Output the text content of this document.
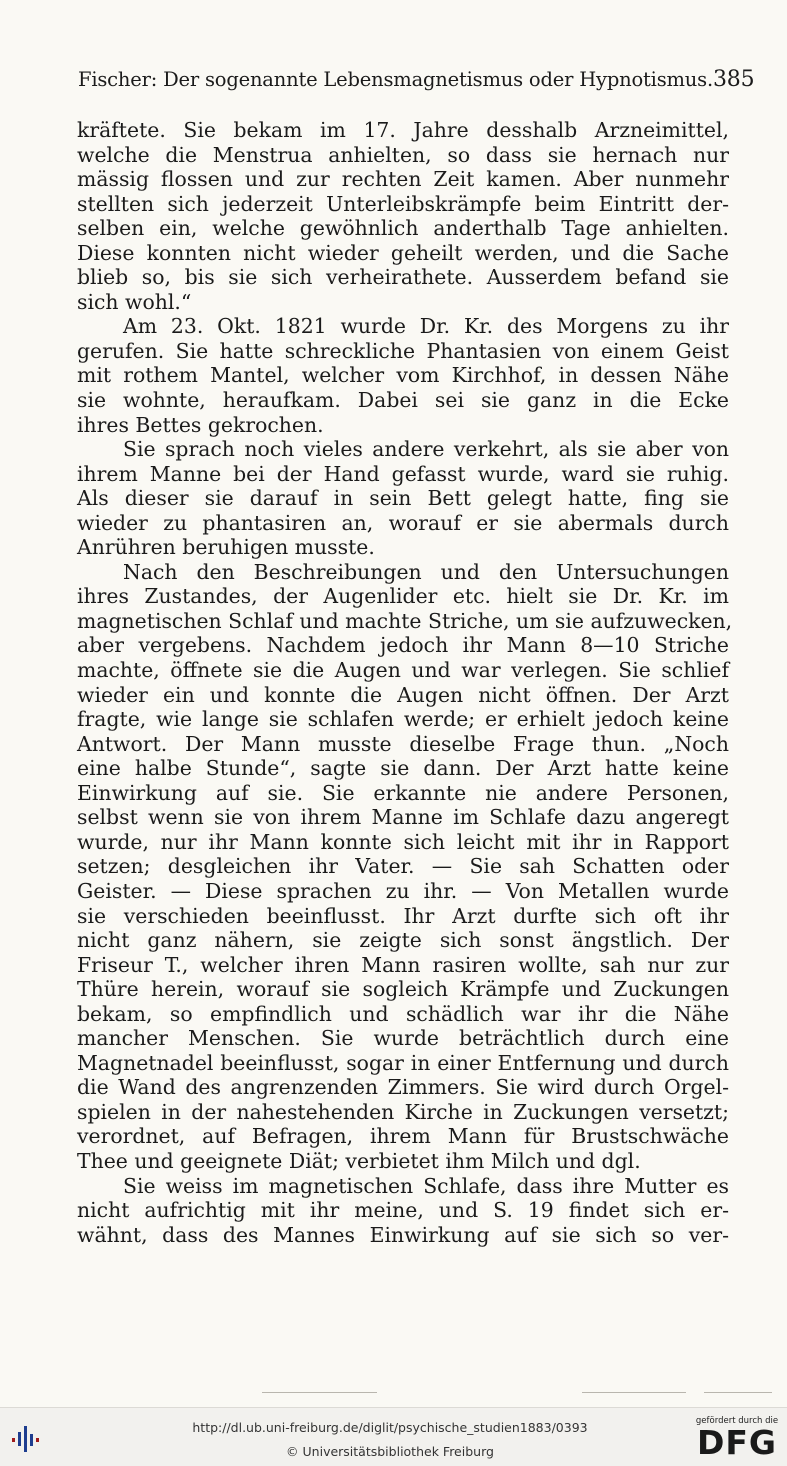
Fischer: Der sogenannte Lebensmagnetismus oder Hypnotismus. 385

kräftete. Sie bekam im 17. Jahre desshalb Arzneimittel,
welche die Menstrua anhielten, so dass sie hernach nur
mässig flossen und zur rechten Zeit kamen. Aber nunmehr
stellten sich jederzeit Unterleibskrämpfe beim Eintritt der-
selben ein, welche gewöhnlich anderthalb Tage anhielten.
Diese konnten nicht wieder geheilt werden, und die Sache
blieb so, bis sie sich verheirathete. Ausserdem befand sie
sich wohl.“

Am 23. Okt. 1821 wurde Dr. Kr. des Morgens zu ihr
gerufen. Sie hatte schreckliche Phantasien von einem Geist
mit rothem Mantel, welcher vom Kirchhof, in dessen Nähe
sie wohnte, heraufkam. Dabei sei sie ganz in die Ecke
ihres Bettes gekrochen.

Sie sprach noch vieles andere verkehrt, als sie aber von
ihrem Manne bei der Hand gefasst wurde, ward sie ruhig.
Als dieser sie darauf in sein Bett gelegt hatte, fing sie
wieder zu phantasiren an, worauf er sie abermals durch
Anrühren beruhigen musste.

Nach den Beschreibungen und den Untersuchungen
ihres Zustandes, der Augenlider etc. hielt sie Dr. Kr. im
magnetischen Schlaf und machte Striche, um sie aufzuwecken,
aber vergebens. Nachdem jedoch ihr Mann 8—10 Striche
machte, öffnete sie die Augen und war verlegen. Sie schlief
wieder ein und konnte die Augen nicht öffnen. Der Arzt
fragte, wie lange sie schlafen werde; er erhielt jedoch keine
Antwort. Der Mann musste dieselbe Frage thun. „Noch
eine halbe Stunde“, sagte sie dann. Der Arzt hatte keine
Einwirkung auf sie. Sie erkannte nie andere Personen,
selbst wenn sie von ihrem Manne im Schlafe dazu angeregt
wurde, nur ihr Mann konnte sich leicht mit ihr in Rapport
setzen; desgleichen ihr Vater. — Sie sah Schatten oder
Geister. — Diese sprachen zu ihr. — Von Metallen wurde
sie verschieden beeinflusst. Ihr Arzt durfte sich oft ihr
nicht ganz nähern, sie zeigte sich sonst ängstlich. Der
Friseur T., welcher ihren Mann rasiren wollte, sah nur zur
Thüre herein, worauf sie sogleich Krämpfe und Zuckungen
bekam, so empfindlich und schädlich war ihr die Nähe
mancher Menschen. Sie wurde beträchtlich durch eine
Magnetnadel beeinflusst, sogar in einer Entfernung und durch
die Wand des angrenzenden Zimmers. Sie wird durch Orgel-
spielen in der nahestehenden Kirche in Zuckungen versetzt;
verordnet, auf Befragen, ihrem Mann für Brustschwäche
Thee und geeignete Diät; verbietet ihm Milch und dgl.

Sie weiss im magnetischen Schlafe, dass ihre Mutter es
nicht aufrichtig mit ihr meine, und S. 19 findet sich er-
wähnt, dass des Mannes Einwirkung auf sie sich so ver-

http://dl.ub.uni-freiburg.de/diglit/psychische_studien1883/0393
© Universitätsbibliothek Freiburg
gefördert durch die
DFG
